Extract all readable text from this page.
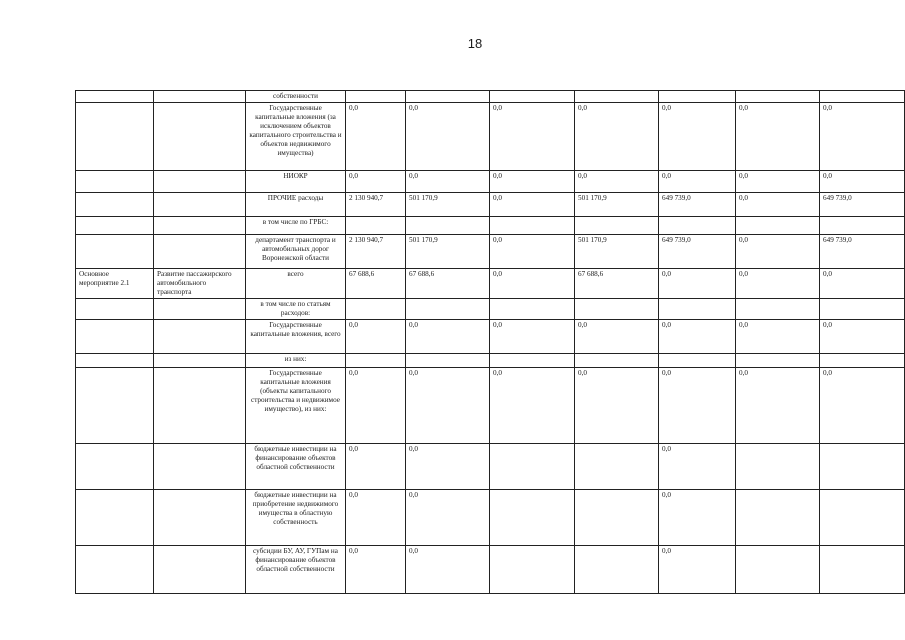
18
		собственности							
		Государственные капитальные вложения (за исключением объектов капитального строительства и объектов недвижимого имущества)	0,0	0,0	0,0	0,0	0,0	0,0	0,0
		НИОКР	0,0	0,0	0,0	0,0	0,0	0,0	0,0
		ПРОЧИЕ расходы	2 130 940,7	501 170,9	0,0	501 170,9	649 739,0	0,0	649 739,0
		в том числе по ГРБС:							
		департамент транспорта и автомобильных дорог Воронежской области	2 130 940,7	501 170,9	0,0	501 170,9	649 739,0	0,0	649 739,0
Основное мероприятие 2.1	Развитие пассажирского автомобильного транспорта	всего	67 688,6	67 688,6	0,0	67 688,6	0,0	0,0	0,0
		в том числе по статьям расходов:							
		Государственные капитальные вложения, всего	0,0	0,0	0,0	0,0	0,0	0,0	0,0
		из них:							
		Государственные капитальные вложения (объекты капитального строительства и недвижимое имущество), из них:	0,0	0,0	0,0	0,0	0,0	0,0	0,0
		бюджетные инвестиции на финансирование объектов областной собственности	0,0	0,0			0,0		
		бюджетные инвестиции на приобретение недвижимого имущества в областную собственность	0,0	0,0			0,0		
		субсидии БУ, АУ, ГУПам на финансирование объектов областной собственности	0,0	0,0			0,0		
